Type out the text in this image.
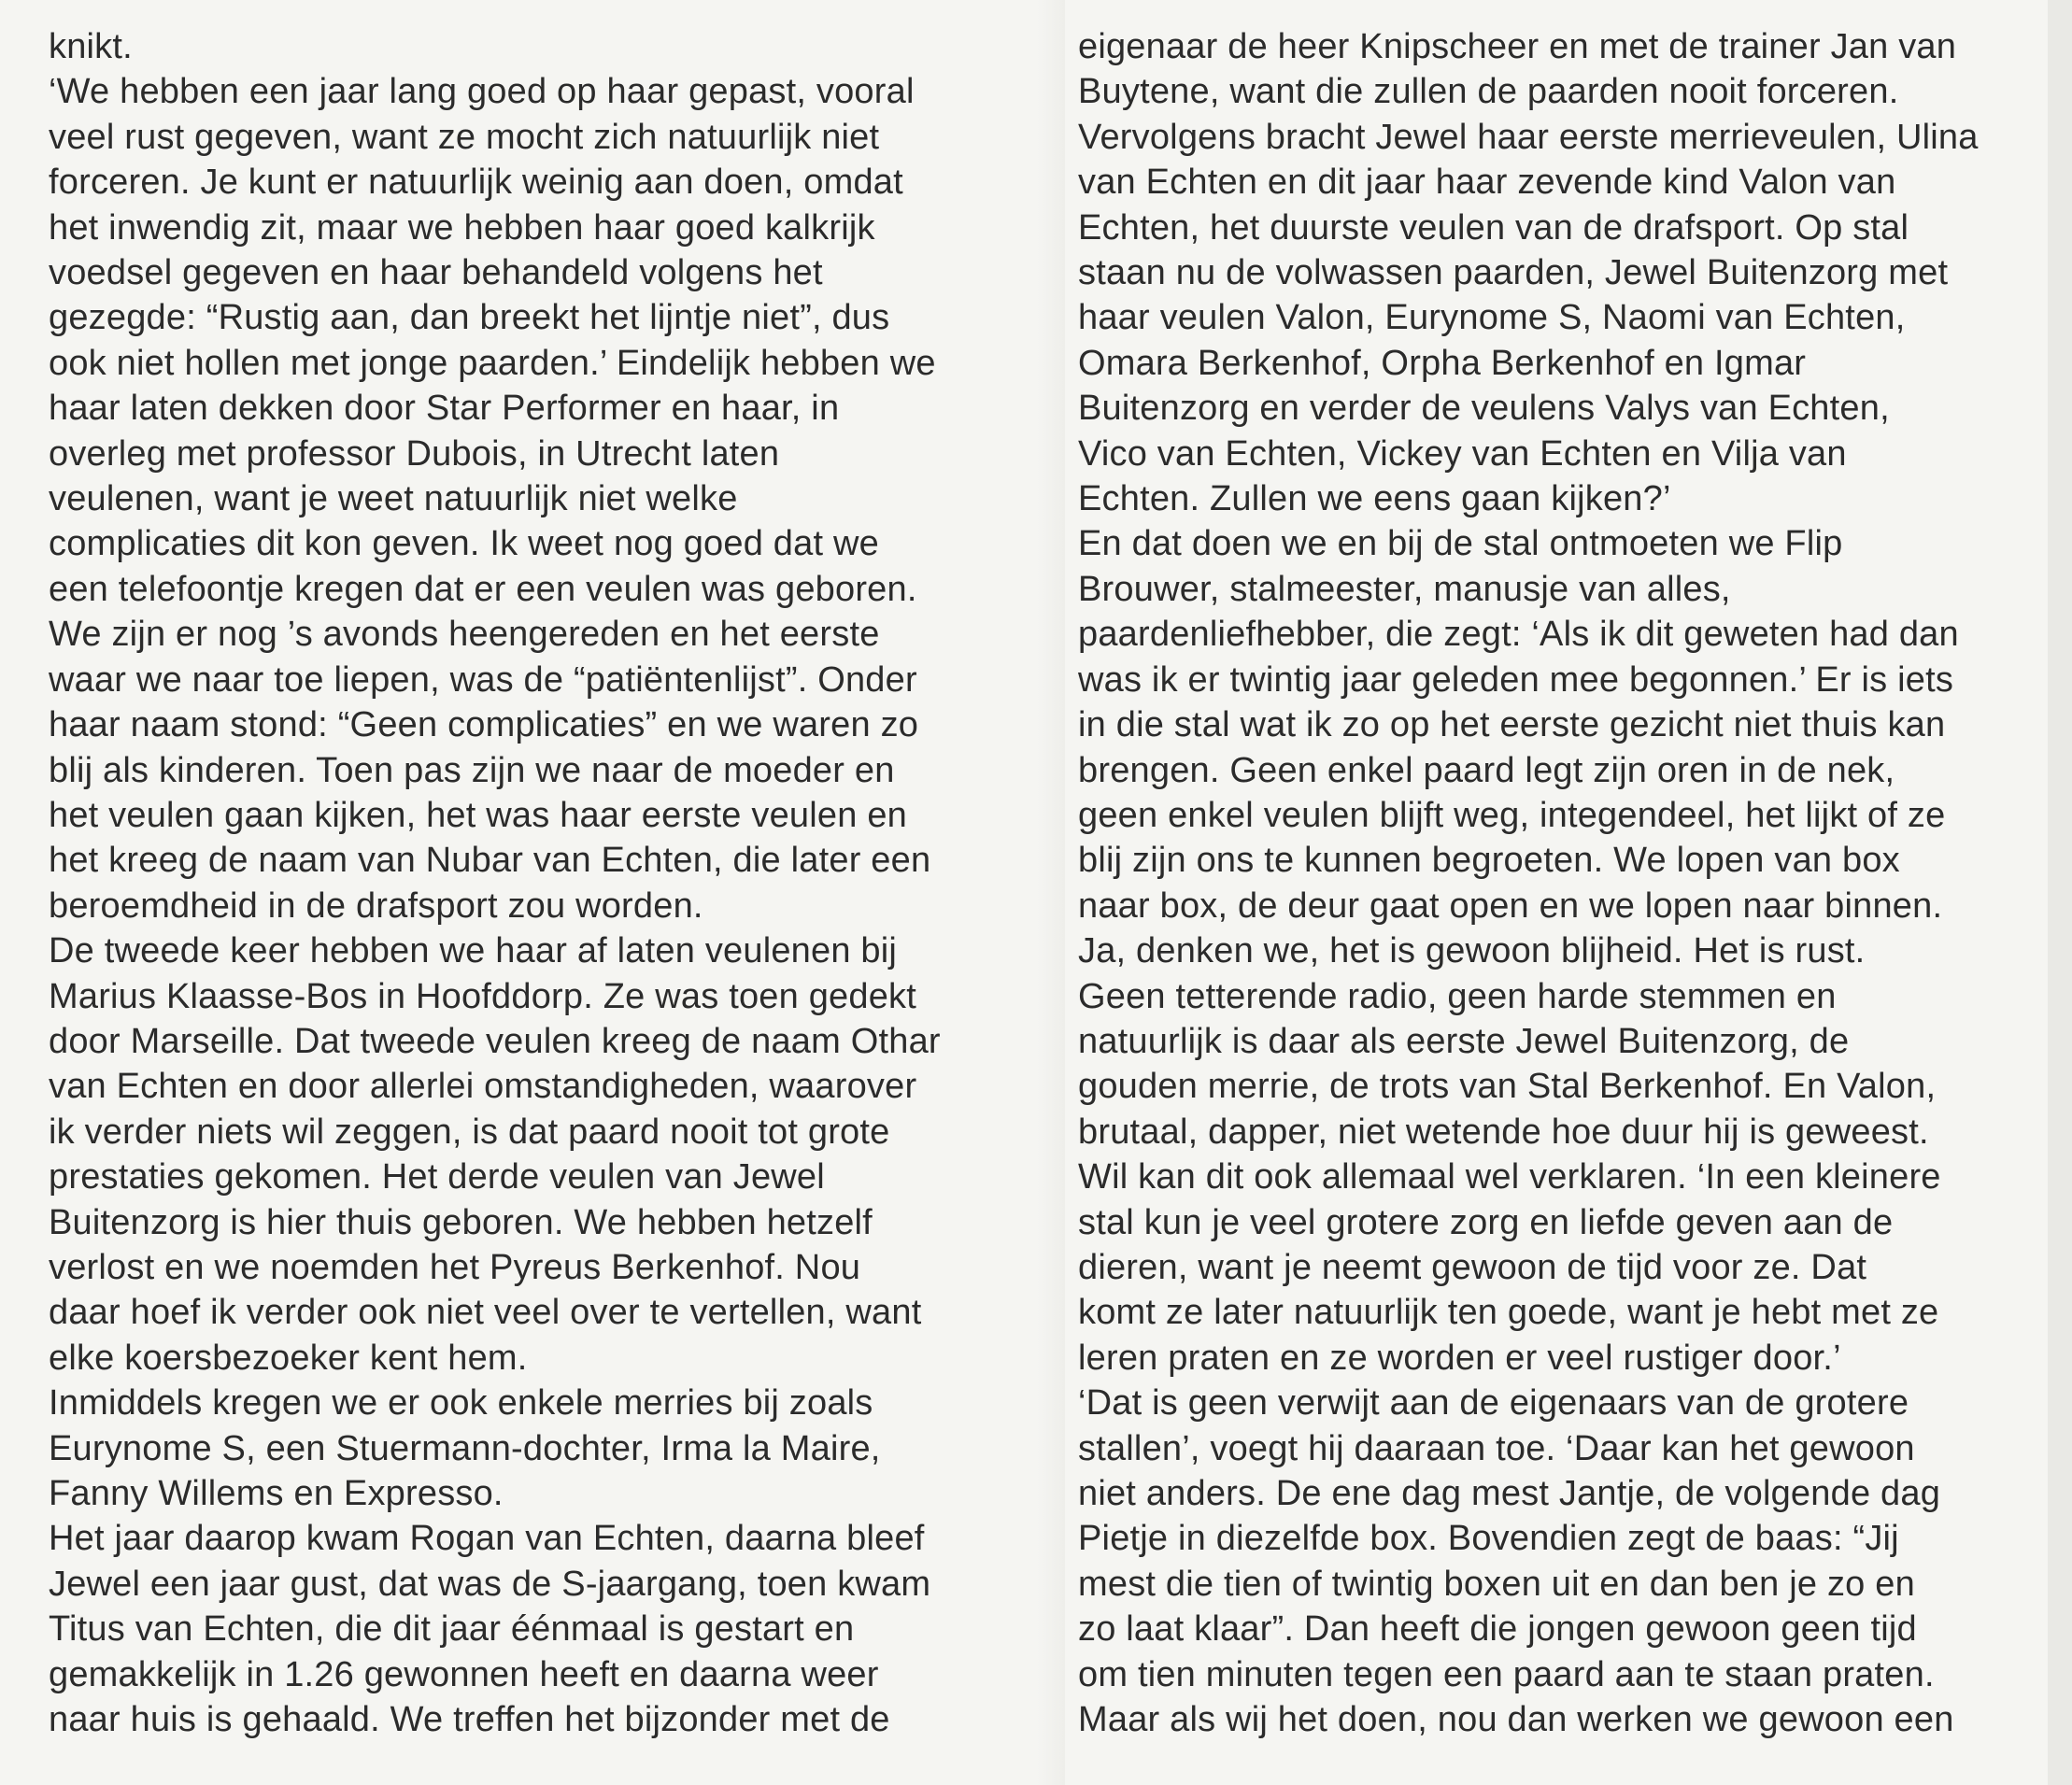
knikt.
‘We hebben een jaar lang goed op haar gepast, vooral
veel rust gegeven, want ze mocht zich natuurlijk niet
forceren. Je kunt er natuurlijk weinig aan doen, omdat
het inwendig zit, maar we hebben haar goed kalkrijk
voedsel gegeven en haar behandeld volgens het
gezegde: “Rustig aan, dan breekt het lijntje niet”, dus
ook niet hollen met jonge paarden.’ Eindelijk hebben we
haar laten dekken door Star Performer en haar, in
overleg met professor Dubois, in Utrecht laten
veulenen, want je weet natuurlijk niet welke
complicaties dit kon geven. Ik weet nog goed dat we
een telefoontje kregen dat er een veulen was geboren.
We zijn er nog ’s avonds heengereden en het eerste
waar we naar toe liepen, was de “patiëntenlijst”. Onder
haar naam stond: “Geen complicaties” en we waren zo
blij als kinderen. Toen pas zijn we naar de moeder en
het veulen gaan kijken, het was haar eerste veulen en
het kreeg de naam van Nubar van Echten, die later een
beroemdheid in de drafsport zou worden.
De tweede keer hebben we haar af laten veulenen bij
Marius Klaasse-Bos in Hoofddorp. Ze was toen gedekt
door Marseille. Dat tweede veulen kreeg de naam Othar
van Echten en door allerlei omstandigheden, waarover
ik verder niets wil zeggen, is dat paard nooit tot grote
prestaties gekomen. Het derde veulen van Jewel
Buitenzorg is hier thuis geboren. We hebben hetzelf
verlost en we noemden het Pyreus Berkenhof. Nou
daar hoef ik verder ook niet veel over te vertellen, want
elke koersbezoeker kent hem.
Inmiddels kregen we er ook enkele merries bij zoals
Eurynome S, een Stuermann-dochter, Irma la Maire,
Fanny Willems en Expresso.
Het jaar daarop kwam Rogan van Echten, daarna bleef
Jewel een jaar gust, dat was de S-jaargang, toen kwam
Titus van Echten, die dit jaar éénmaal is gestart en
gemakkelijk in 1.26 gewonnen heeft en daarna weer
naar huis is gehaald. We treffen het bijzonder met de
eigenaar de heer Knipscheer en met de trainer Jan van
Buytene, want die zullen de paarden nooit forceren.
Vervolgens bracht Jewel haar eerste merrieveulen, Ulina
van Echten en dit jaar haar zevende kind Valon van
Echten, het duurste veulen van de drafsport. Op stal
staan nu de volwassen paarden, Jewel Buitenzorg met
haar veulen Valon, Eurynome S, Naomi van Echten,
Omara Berkenhof, Orpha Berkenhof en Igmar
Buitenzorg en verder de veulens Valys van Echten,
Vico van Echten, Vickey van Echten en Vilja van
Echten. Zullen we eens gaan kijken?’
En dat doen we en bij de stal ontmoeten we Flip
Brouwer, stalmeester, manusje van alles,
paardenliefhebber, die zegt: ‘Als ik dit geweten had dan
was ik er twintig jaar geleden mee begonnen.’ Er is iets
in die stal wat ik zo op het eerste gezicht niet thuis kan
brengen. Geen enkel paard legt zijn oren in de nek,
geen enkel veulen blijft weg, integendeel, het lijkt of ze
blij zijn ons te kunnen begroeten. We lopen van box
naar box, de deur gaat open en we lopen naar binnen.
Ja, denken we, het is gewoon blijheid. Het is rust.
Geen tetterende radio, geen harde stemmen en
natuurlijk is daar als eerste Jewel Buitenzorg, de
gouden merrie, de trots van Stal Berkenhof. En Valon,
brutaal, dapper, niet wetende hoe duur hij is geweest.
Wil kan dit ook allemaal wel verklaren. ‘In een kleinere
stal kun je veel grotere zorg en liefde geven aan de
dieren, want je neemt gewoon de tijd voor ze. Dat
komt ze later natuurlijk ten goede, want je hebt met ze
leren praten en ze worden er veel rustiger door.’
‘Dat is geen verwijt aan de eigenaars van de grotere
stallen’, voegt hij daaraan toe. ‘Daar kan het gewoon
niet anders. De ene dag mest Jantje, de volgende dag
Pietje in diezelfde box. Bovendien zegt de baas: “Jij
mest die tien of twintig boxen uit en dan ben je zo en
zo laat klaar”. Dan heeft die jongen gewoon geen tijd
om tien minuten tegen een paard aan te staan praten.
Maar als wij het doen, nou dan werken we gewoon een
